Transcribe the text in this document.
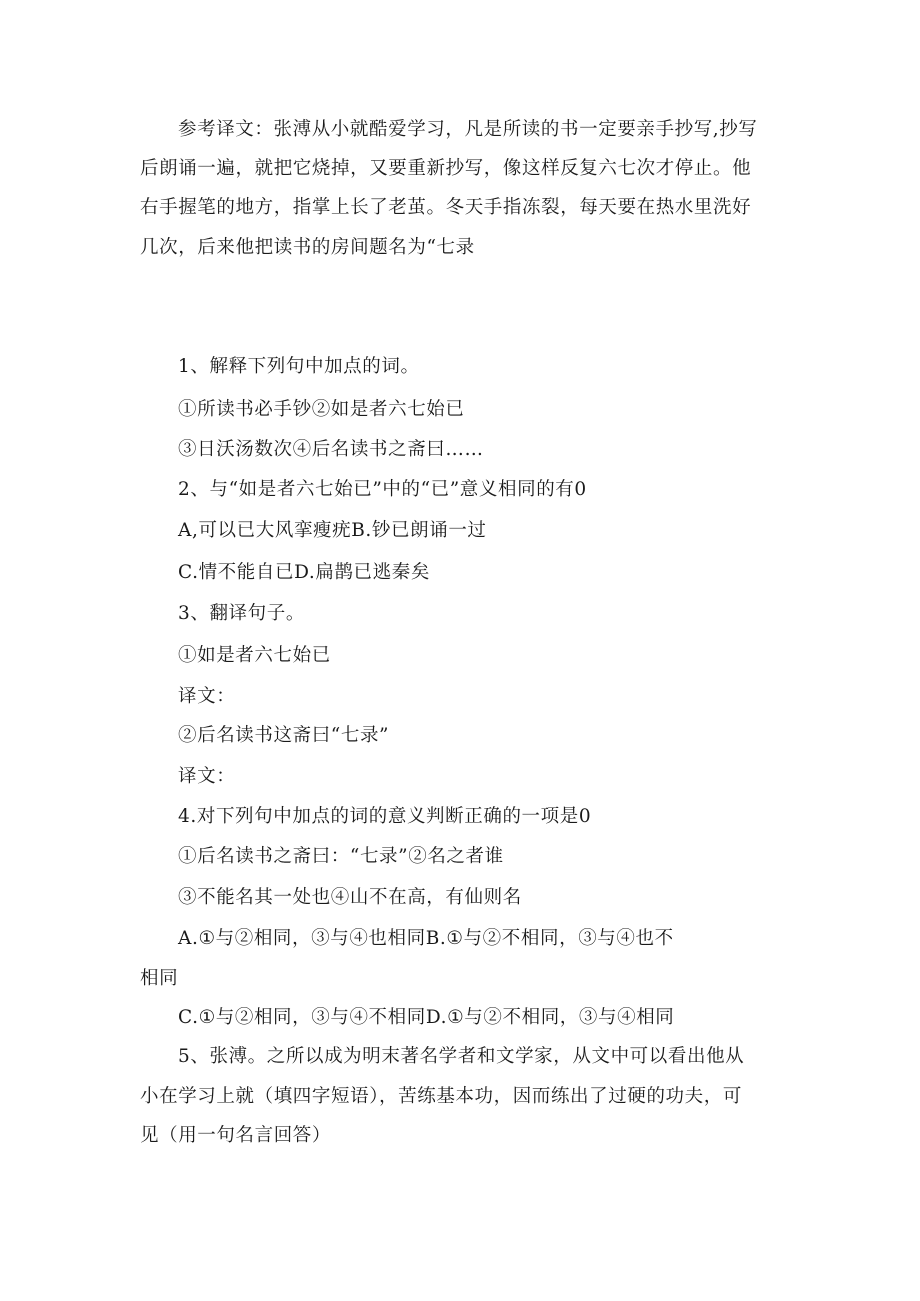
参考译文：张溥从小就酷爱学习，凡是所读的书一定要亲手抄写,抄写
后朗诵一遍，就把它烧掉，又要重新抄写，像这样反复六七次才停止。他
右手握笔的地方，指掌上长了老茧。冬天手指冻裂，每天要在热水里洗好
几次，后来他把读书的房间题名为“七录
1、解释下列句中加点的词。
①所读书必手钞②如是者六七始已
③日沃汤数次④后名读书之斋曰……
2、与“如是者六七始已”中的“已”意义相同的有0
A,可以已大风挛瘦疣B.钞已朗诵一过
C.情不能自已D.扁鹊已逃秦矣
3、翻译句子。
①如是者六七始已
译文：
②后名读书这斋曰“七录”
译文：
4.对下列句中加点的词的意义判断正确的一项是0
①后名读书之斋曰：“七录”②名之者谁
③不能名其一处也④山不在高，有仙则名
A.①与②相同，③与④也相同B.①与②不相同，③与④也不
相同
C.①与②相同，③与④不相同D.①与②不相同，③与④相同
5、张溥。之所以成为明末著名学者和文学家，从文中可以看出他从
小在学习上就（填四字短语），苦练基本功，因而练出了过硬的功夫，可
见（用一句名言回答）
